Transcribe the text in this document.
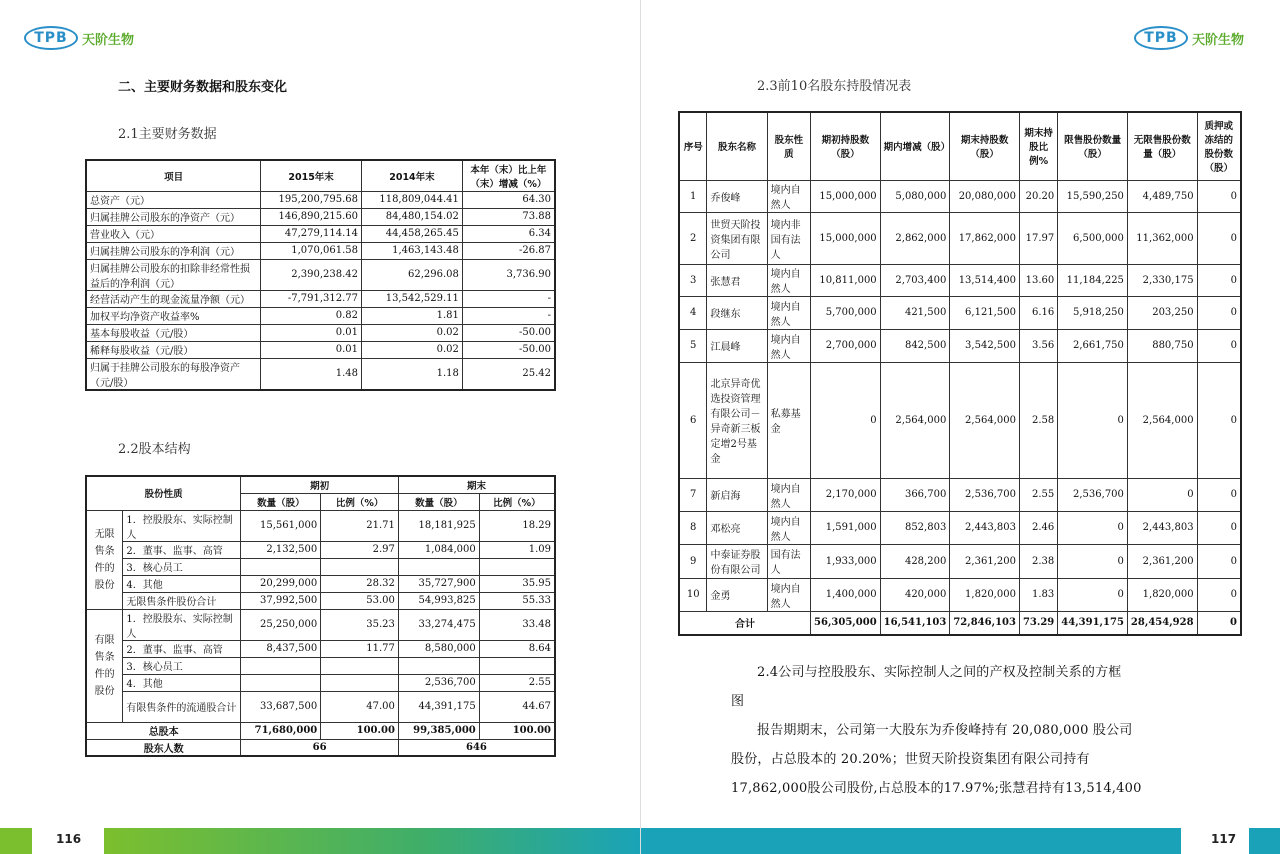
TPB	天阶生物
二、主要财务数据和股东变化
2.1主要财务数据
项目	2015年末	2014年末	本年（末）比上年（末）增减（%）
总资产（元）	195,200,795.68	118,809,044.41	64.30
归属挂牌公司股东的净资产（元）	146,890,215.60	84,480,154.02	73.88
营业收入（元）	47,279,114.14	44,458,265.45	6.34
归属挂牌公司股东的净利润（元）	1,070,061.58	1,463,143.48	-26.87
归属挂牌公司股东的扣除非经常性损益后的净利润（元）	2,390,238.42	62,296.08	3,736.90
经营活动产生的现金流量净额（元）	-7,791,312.77	13,542,529.11	-
加权平均净资产收益率%	0.82	1.81	-
基本每股收益（元/股）	0.01	0.02	-50.00
稀释每股收益（元/股）	0.01	0.02	-50.00
归属于挂牌公司股东的每股净资产（元/股）	1.48	1.18	25.42
2.2股本结构
股份性质		期初		期末	
		数量（股）	比例（%）	数量（股）	比例（%）
无限售条件的股份	1．控股股东、实际控制人	15,561,000	21.71	18,181,925	18.29
	2．董事、监事、高管	2,132,500	2.97	1,084,000	1.09
	3．核心员工				
	4．其他	20,299,000	28.32	35,727,900	35.95
	无限售条件股份合计	37,992,500	53.00	54,993,825	55.33
有限售条件的股份	1．控股股东、实际控制人	25,250,000	35.23	33,274,475	33.48
	2．董事、监事、高管	8,437,500	11.77	8,580,000	8.64
	3．核心员工				
	4．其他			2,536,700	2.55
	有限售条件的流通股合计	33,687,500	47.00	44,391,175	44.67
总股本		71,680,000	100.00	99,385,000	100.00
股东人数		66		646	
116
TPB	天阶生物
2.3前10名股东持股情况表
序号	股东名称	股东性质	期初持股数（股）	期内增减（股）	期末持股数（股）	期末持股比例%	限售股份数量（股）	无限售股份数量（股）	质押或冻结的股份数（股）
1	乔俊峰	境内自然人	15,000,000	5,080,000	20,080,000	20.20	15,590,250	4,489,750	0
2	世贸天阶投资集团有限公司	境内非国有法人	15,000,000	2,862,000	17,862,000	17.97	6,500,000	11,362,000	0
3	张慧君	境内自然人	10,811,000	2,703,400	13,514,400	13.60	11,184,225	2,330,175	0
4	段继东	境内自然人	5,700,000	421,500	6,121,500	6.16	5,918,250	203,250	0
5	江晨峰	境内自然人	2,700,000	842,500	3,542,500	3.56	2,661,750	880,750	0
6	北京异奇优选投资管理有限公司－异奇新三板定增2号基金	私募基金	0	2,564,000	2,564,000	2.58	0	2,564,000	0
7	新启海	境内自然人	2,170,000	366,700	2,536,700	2.55	2,536,700	0	0
8	邓松亮	境内自然人	1,591,000	852,803	2,443,803	2.46	0	2,443,803	0
9	中泰证券股份有限公司	国有法人	1,933,000	428,200	2,361,200	2.38	0	2,361,200	0
10	金勇	境内自然人	1,400,000	420,000	1,820,000	1.83	0	1,820,000	0
合计			56,305,000	16,541,103	72,846,103	73.29	44,391,175	28,454,928	0
2.4公司与控股股东、实际控制人之间的产权及控制关系的方框
图
报告期期末，公司第一大股东为乔俊峰持有 20,080,000 股公司
股份，占总股本的 20.20%；世贸天阶投资集团有限公司持有
17,862,000股公司股份,占总股本的17.97%;张慧君持有13,514,400
117
